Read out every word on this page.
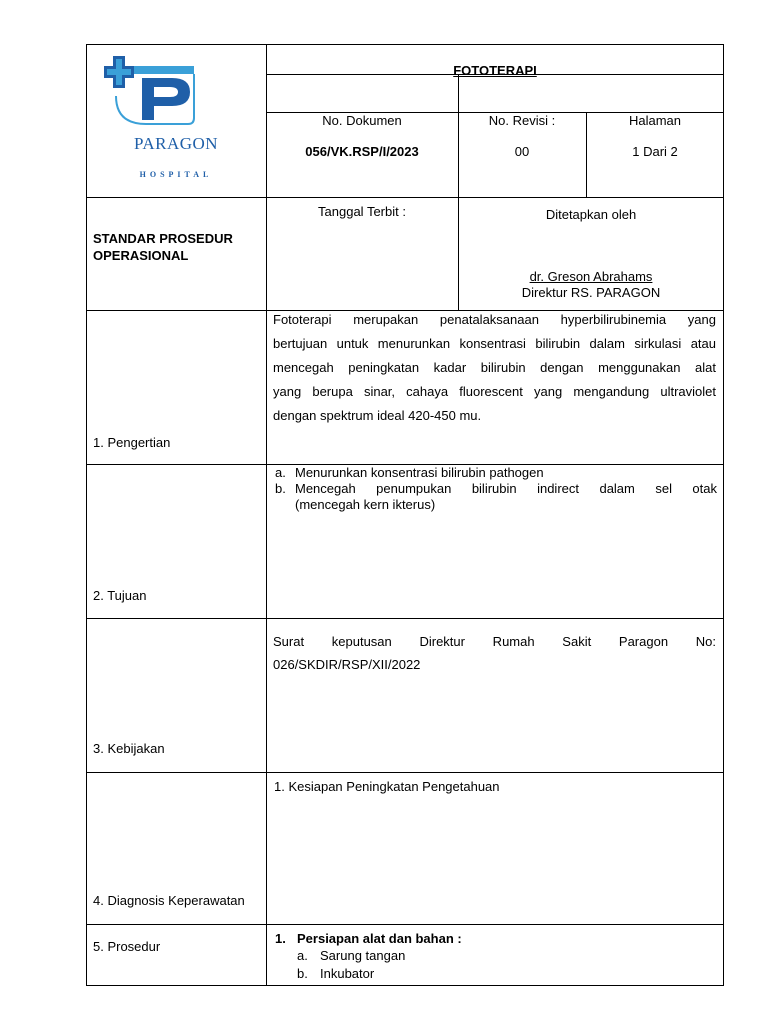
PARAGON
HOSPITAL
FOTOTERAPI
No. Dokumen
056/VK.RSP/I/2023
No. Revisi :
00
Halaman
1 Dari 2
STANDAR PROSEDUR
OPERASIONAL
Tanggal Terbit :	Ditetapkan oleh
dr. Greson Abrahams
Direktur RS. PARAGON
1. Pengertian
Fototerapi merupakan penatalaksanaan hyperbilirubinemia yang
bertujuan untuk menurunkan konsentrasi bilirubin dalam sirkulasi atau
mencegah peningkatan kadar bilirubin dengan menggunakan alat
yang berupa sinar, cahaya fluorescent yang mengandung ultraviolet
dengan spektrum ideal 420-450 mu.
2. Tujuan
a. Menurunkan konsentrasi bilirubin pathogen
b. Mencegah penumpukan bilirubin indirect dalam sel otak
(mencegah kern ikterus)
3. Kebijakan
Surat keputusan Direktur Rumah Sakit Paragon No:
026/SKDIR/RSP/XII/2022
4. Diagnosis Keperawatan
1. Kesiapan Peningkatan Pengetahuan
5. Prosedur
1. Persiapan alat dan bahan :
a. Sarung tangan
b. Inkubator
